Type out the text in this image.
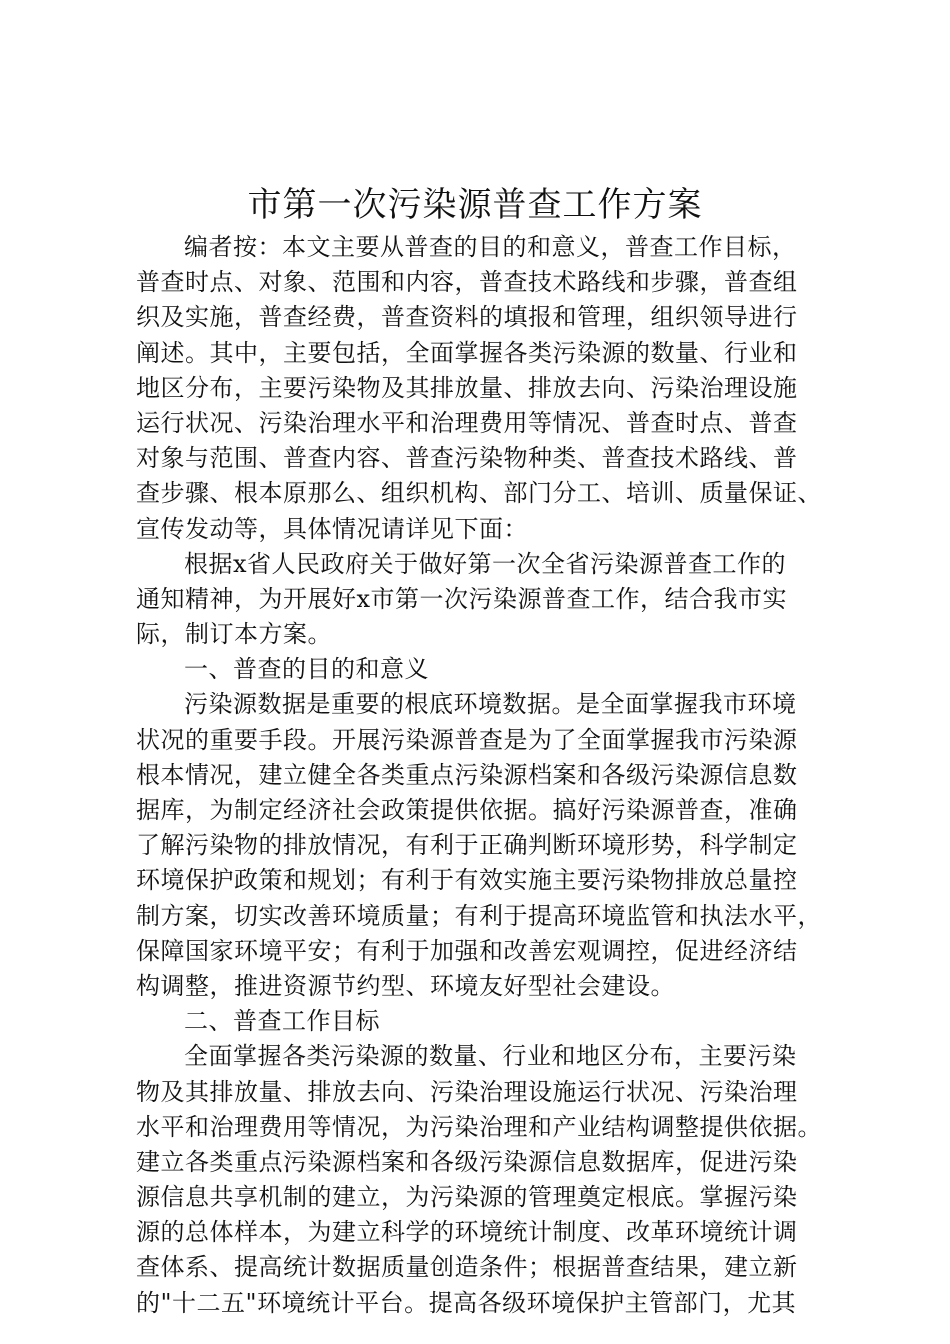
市第一次污染源普查工作方案
编者按：本文主要从普查的目的和意义，普查工作目标，
普查时点、对象、范围和内容，普查技术路线和步骤，普查组
织及实施，普查经费，普查资料的填报和管理，组织领导进行
阐述。其中，主要包括，全面掌握各类污染源的数量、行业和
地区分布，主要污染物及其排放量、排放去向、污染治理设施
运行状况、污染治理水平和治理费用等情况、普查时点、普查
对象与范围、普查内容、普查污染物种类、普查技术路线、普
查步骤、根本原那么、组织机构、部门分工、培训、质量保证、
宣传发动等，具体情况请详见下面：
根据x省人民政府关于做好第一次全省污染源普查工作的
通知精神，为开展好x市第一次污染源普查工作，结合我市实
际，制订本方案。
一、普查的目的和意义
污染源数据是重要的根底环境数据。是全面掌握我市环境
状况的重要手段。开展污染源普查是为了全面掌握我市污染源
根本情况，建立健全各类重点污染源档案和各级污染源信息数
据库，为制定经济社会政策提供依据。搞好污染源普查，准确
了解污染物的排放情况，有利于正确判断环境形势，科学制定
环境保护政策和规划；有利于有效实施主要污染物排放总量控
制方案，切实改善环境质量；有利于提高环境监管和执法水平，
保障国家环境平安；有利于加强和改善宏观调控，促进经济结
构调整，推进资源节约型、环境友好型社会建设。
二、普查工作目标
全面掌握各类污染源的数量、行业和地区分布，主要污染
物及其排放量、排放去向、污染治理设施运行状况、污染治理
水平和治理费用等情况，为污染治理和产业结构调整提供依据。
建立各类重点污染源档案和各级污染源信息数据库，促进污染
源信息共享机制的建立，为污染源的管理奠定根底。掌握污染
源的总体样本，为建立科学的环境统计制度、改革环境统计调
查体系、提高统计数据质量创造条件；根据普查结果，建立新
的"十二五"环境统计平台。提高各级环境保护主管部门，尤其
